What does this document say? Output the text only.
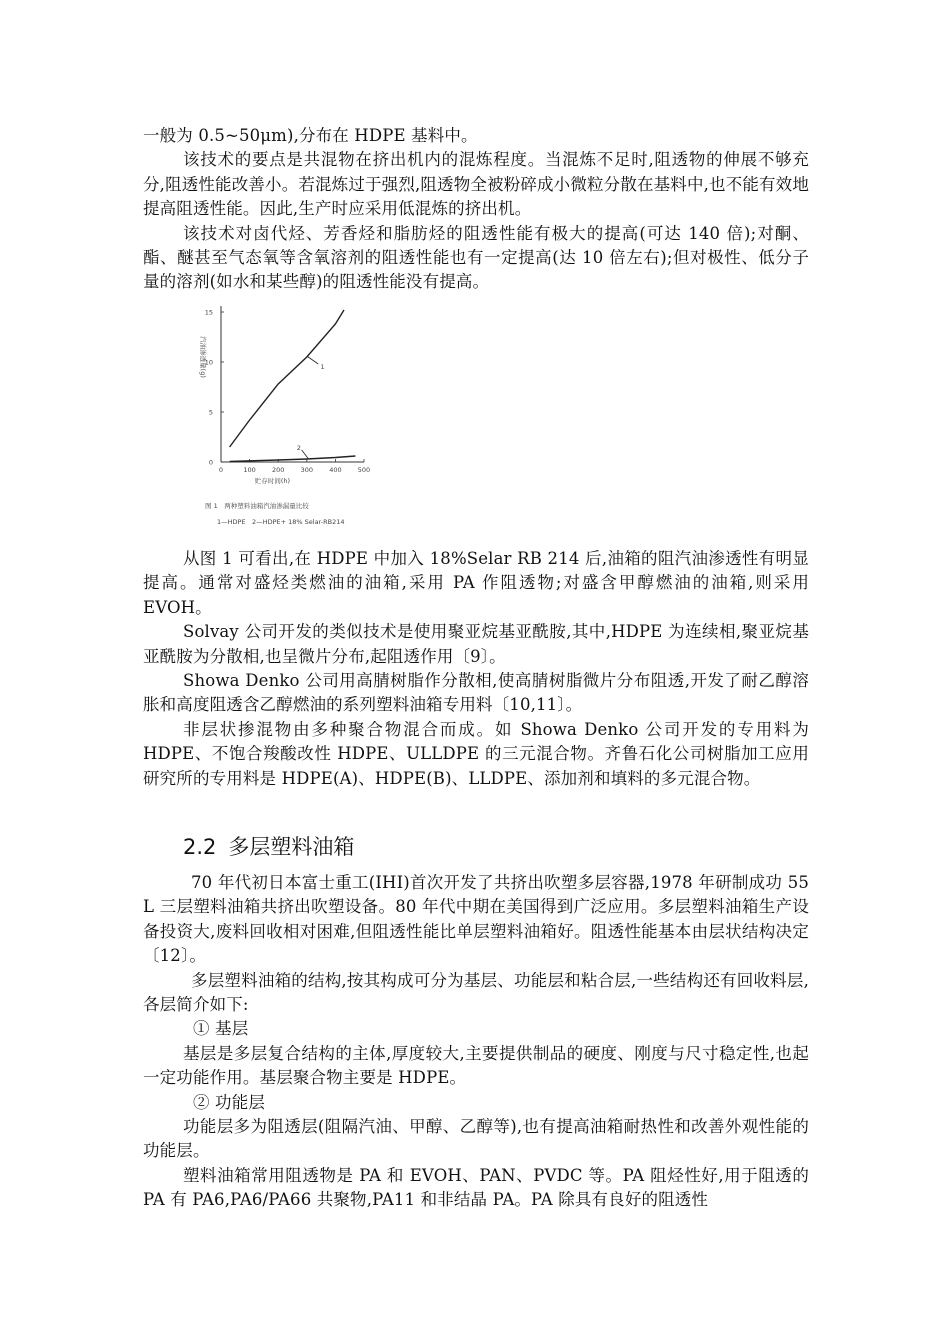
一般为 0.5~50μm),分布在 HDPE 基料中。

该技术的要点是共混物在挤出机内的混炼程度。当混炼不足时,阻透物的伸展不够充分,阻透性能改善小。若混炼过于强烈,阻透物全被粉碎成小微粒分散在基料中,也不能有效地提高阻透性能。因此,生产时应采用低混炼的挤出机。

该技术对卤代烃、芳香烃和脂肪烃的阻透性能有极大的提高(可达 140 倍);对酮、酯、醚甚至气态氧等含氧溶剂的阻透性能也有一定提高(达 10 倍左右);但对极性、低分子量的溶剂(如水和某些醇)的阻透性能没有提高。

0	100 200 300 400 500
0
5
10
15
贮存时间(h)
汽油渗透量(g)	1
2
图 1　两种塑料油箱汽油渗漏量比较
1—HDPE　2—HDPE+ 18% Selar-RB214

从图 1 可看出,在 HDPE 中加入 18%Selar RB 214 后,油箱的阻汽油渗透性有明显提高。通常对盛烃类燃油的油箱,采用 PA 作阻透物;对盛含甲醇燃油的油箱,则采用 EVOH。

Solvay 公司开发的类似技术是使用聚亚烷基亚酰胺,其中,HDPE 为连续相,聚亚烷基亚酰胺为分散相,也呈微片分布,起阻透作用〔9〕。

Showa Denko 公司用高腈树脂作分散相,使高腈树脂微片分布阻透,开发了耐乙醇溶胀和高度阻透含乙醇燃油的系列塑料油箱专用料〔10,11〕。

非层状掺混物由多种聚合物混合而成。如 Showa Denko 公司开发的专用料为 HDPE、不饱合羧酸改性 HDPE、ULLDPE 的三元混合物。齐鲁石化公司树脂加工应用研究所的专用料是 HDPE(A)、HDPE(B)、LLDPE、添加剂和填料的多元混合物。

2.2 多层塑料油箱

70 年代初日本富士重工(IHI)首次开发了共挤出吹塑多层容器,1978 年研制成功 55 L 三层塑料油箱共挤出吹塑设备。80 年代中期在美国得到广泛应用。多层塑料油箱生产设备投资大,废料回收相对困难,但阻透性能比单层塑料油箱好。阻透性能基本由层状结构决定〔12〕。

多层塑料油箱的结构,按其构成可分为基层、功能层和粘合层,一些结构还有回收料层,各层简介如下:

① 基层

基层是多层复合结构的主体,厚度较大,主要提供制品的硬度、刚度与尺寸稳定性,也起一定功能作用。基层聚合物主要是 HDPE。

② 功能层

功能层多为阻透层(阻隔汽油、甲醇、乙醇等),也有提高油箱耐热性和改善外观性能的功能层。

塑料油箱常用阻透物是 PA 和 EVOH、PAN、PVDC 等。PA 阻烃性好,用于阻透的 PA 有 PA6,PA6/PA66 共聚物,PA11 和非结晶 PA。PA 除具有良好的阻透性
